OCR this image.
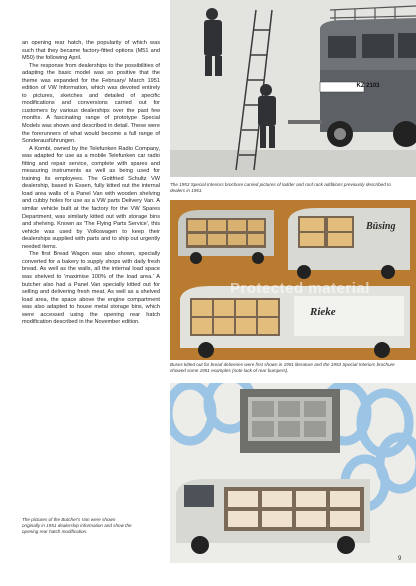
an opening rear hatch, the popularity of which was such that they became factory-fitted options (M51 and M50) the following April.

The response from dealerships to the possibilities of adapting the basic model was so positive that the theme was expanded for the February/ March 1951 edition of VW Information, which was devoted entirely to pictures, sketches and detailed of specific modifications and conversions carried out for customers by various dealerships over the past few months. A fascinating range of prototype Special Models was shown and described in detail. These were the forerunners of what would become a full range of Sonderausführungen.

A Kombi, owned by the Telefunken Radio Company, was adapted for use as a mobile Telefunken car radio fitting and repair service, complete with spares and measuring instruments as well as being used for training its employees. The Gottfried Schultz VW dealership, based in Essen, fully kitted out the internal load area walls of a Panel Van with wooden shelving and cubby holes for use as a VW parts Delivery Van. A similar vehicle built at the factory for the VW Spares Department, was similarly kitted out with storage bins and shelving. Known as 'The Flying Parts Service', this vehicle was used by Volkswagen to keep their dealerships supplied with parts and to ship out urgently needed items.

The first Bread Wagon was also shown, specially converted for a bakery to supply shops with daily fresh bread. As well as the walls, all the internal load space was shelved to 'maximise 100% of the load area.' A butcher also had a Panel Van specially kitted out for selling and delivering fresh meat. As well as a shelved load area, the space above the engine compartment was also adapted to house metal storage bins, which were accessed using the opening rear hatch modification described in the November edition.

The pictures of the Butcher's Van were shown originally in 1951 dealership information and show the opening rear hatch modification.
KZ 2103
The 1953 Special Interiors brochure carried pictures of ladder and roof rack additions previously described to dealers in 1951.
Büsing
Rieke
Protected material
Buses kitted out for bread deliveries were first shown in 1951 literature and the 1953 Special Interiors brochure showed some 1951 examples (note lack of rear bumpers).
9
